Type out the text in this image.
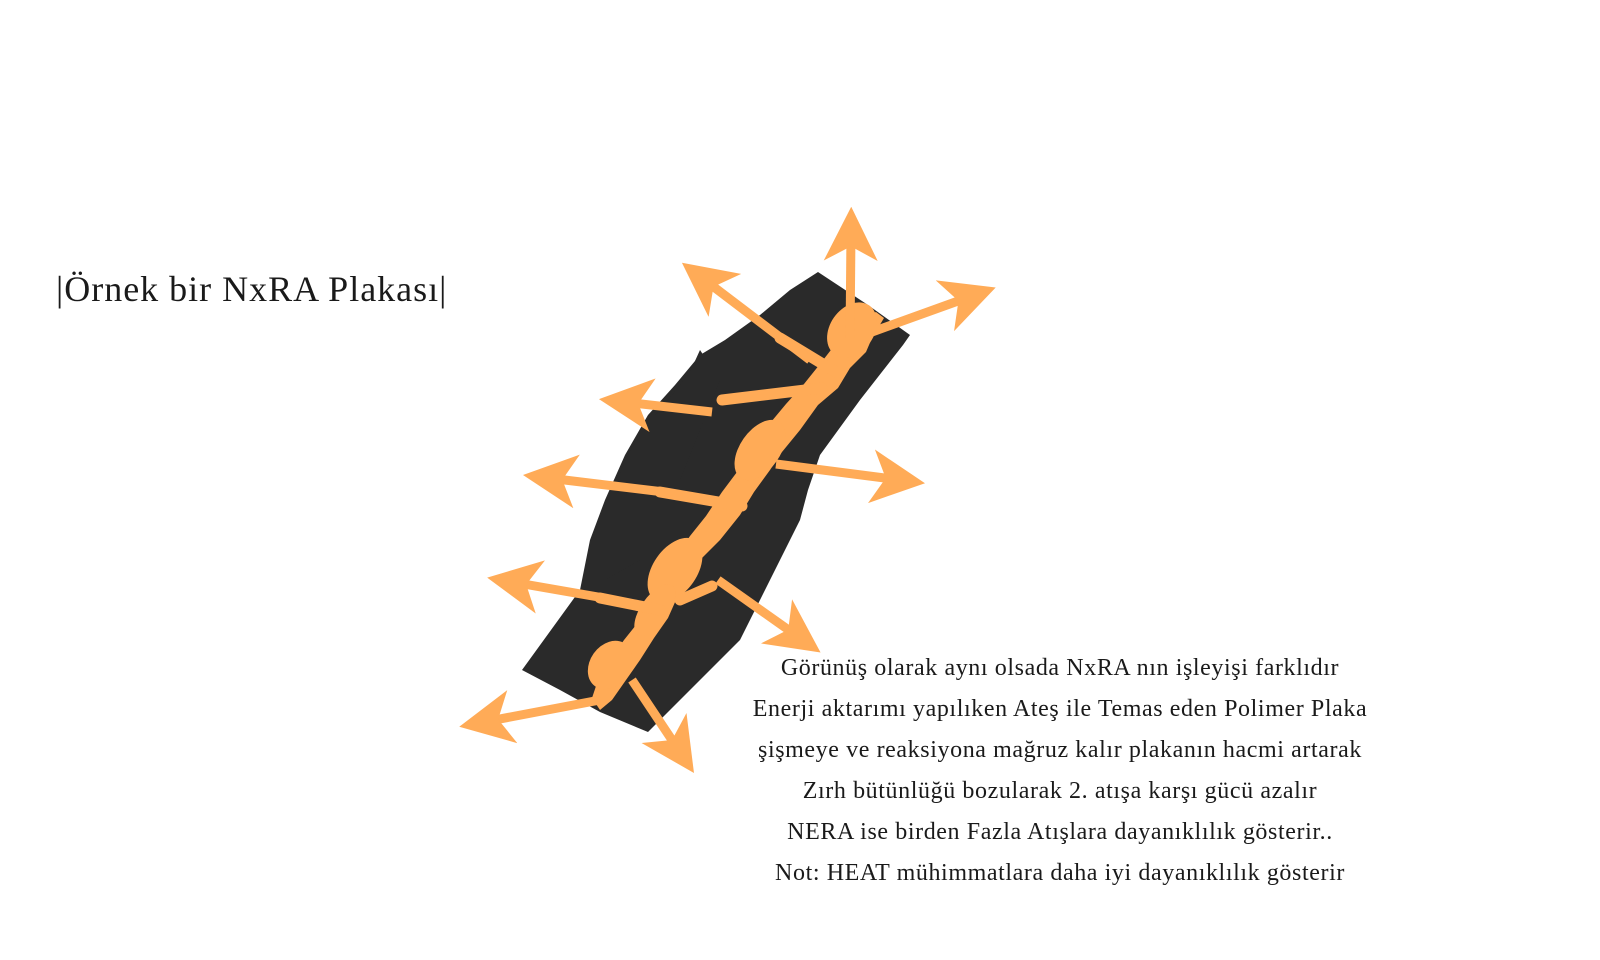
|Örnek bir NxRA Plakası|
Görünüş olarak aynı olsada NxRA nın işleyişi farklıdır
Enerji aktarımı yapılıken Ateş ile Temas eden Polimer Plaka
şişmeye ve reaksiyona mağruz kalır plakanın hacmi artarak
Zırh bütünlüğü bozularak 2. atışa karşı gücü azalır
NERA ise birden Fazla Atışlara dayanıklılık gösterir..
Not: HEAT mühimmatlara daha iyi dayanıklılık gösterir
